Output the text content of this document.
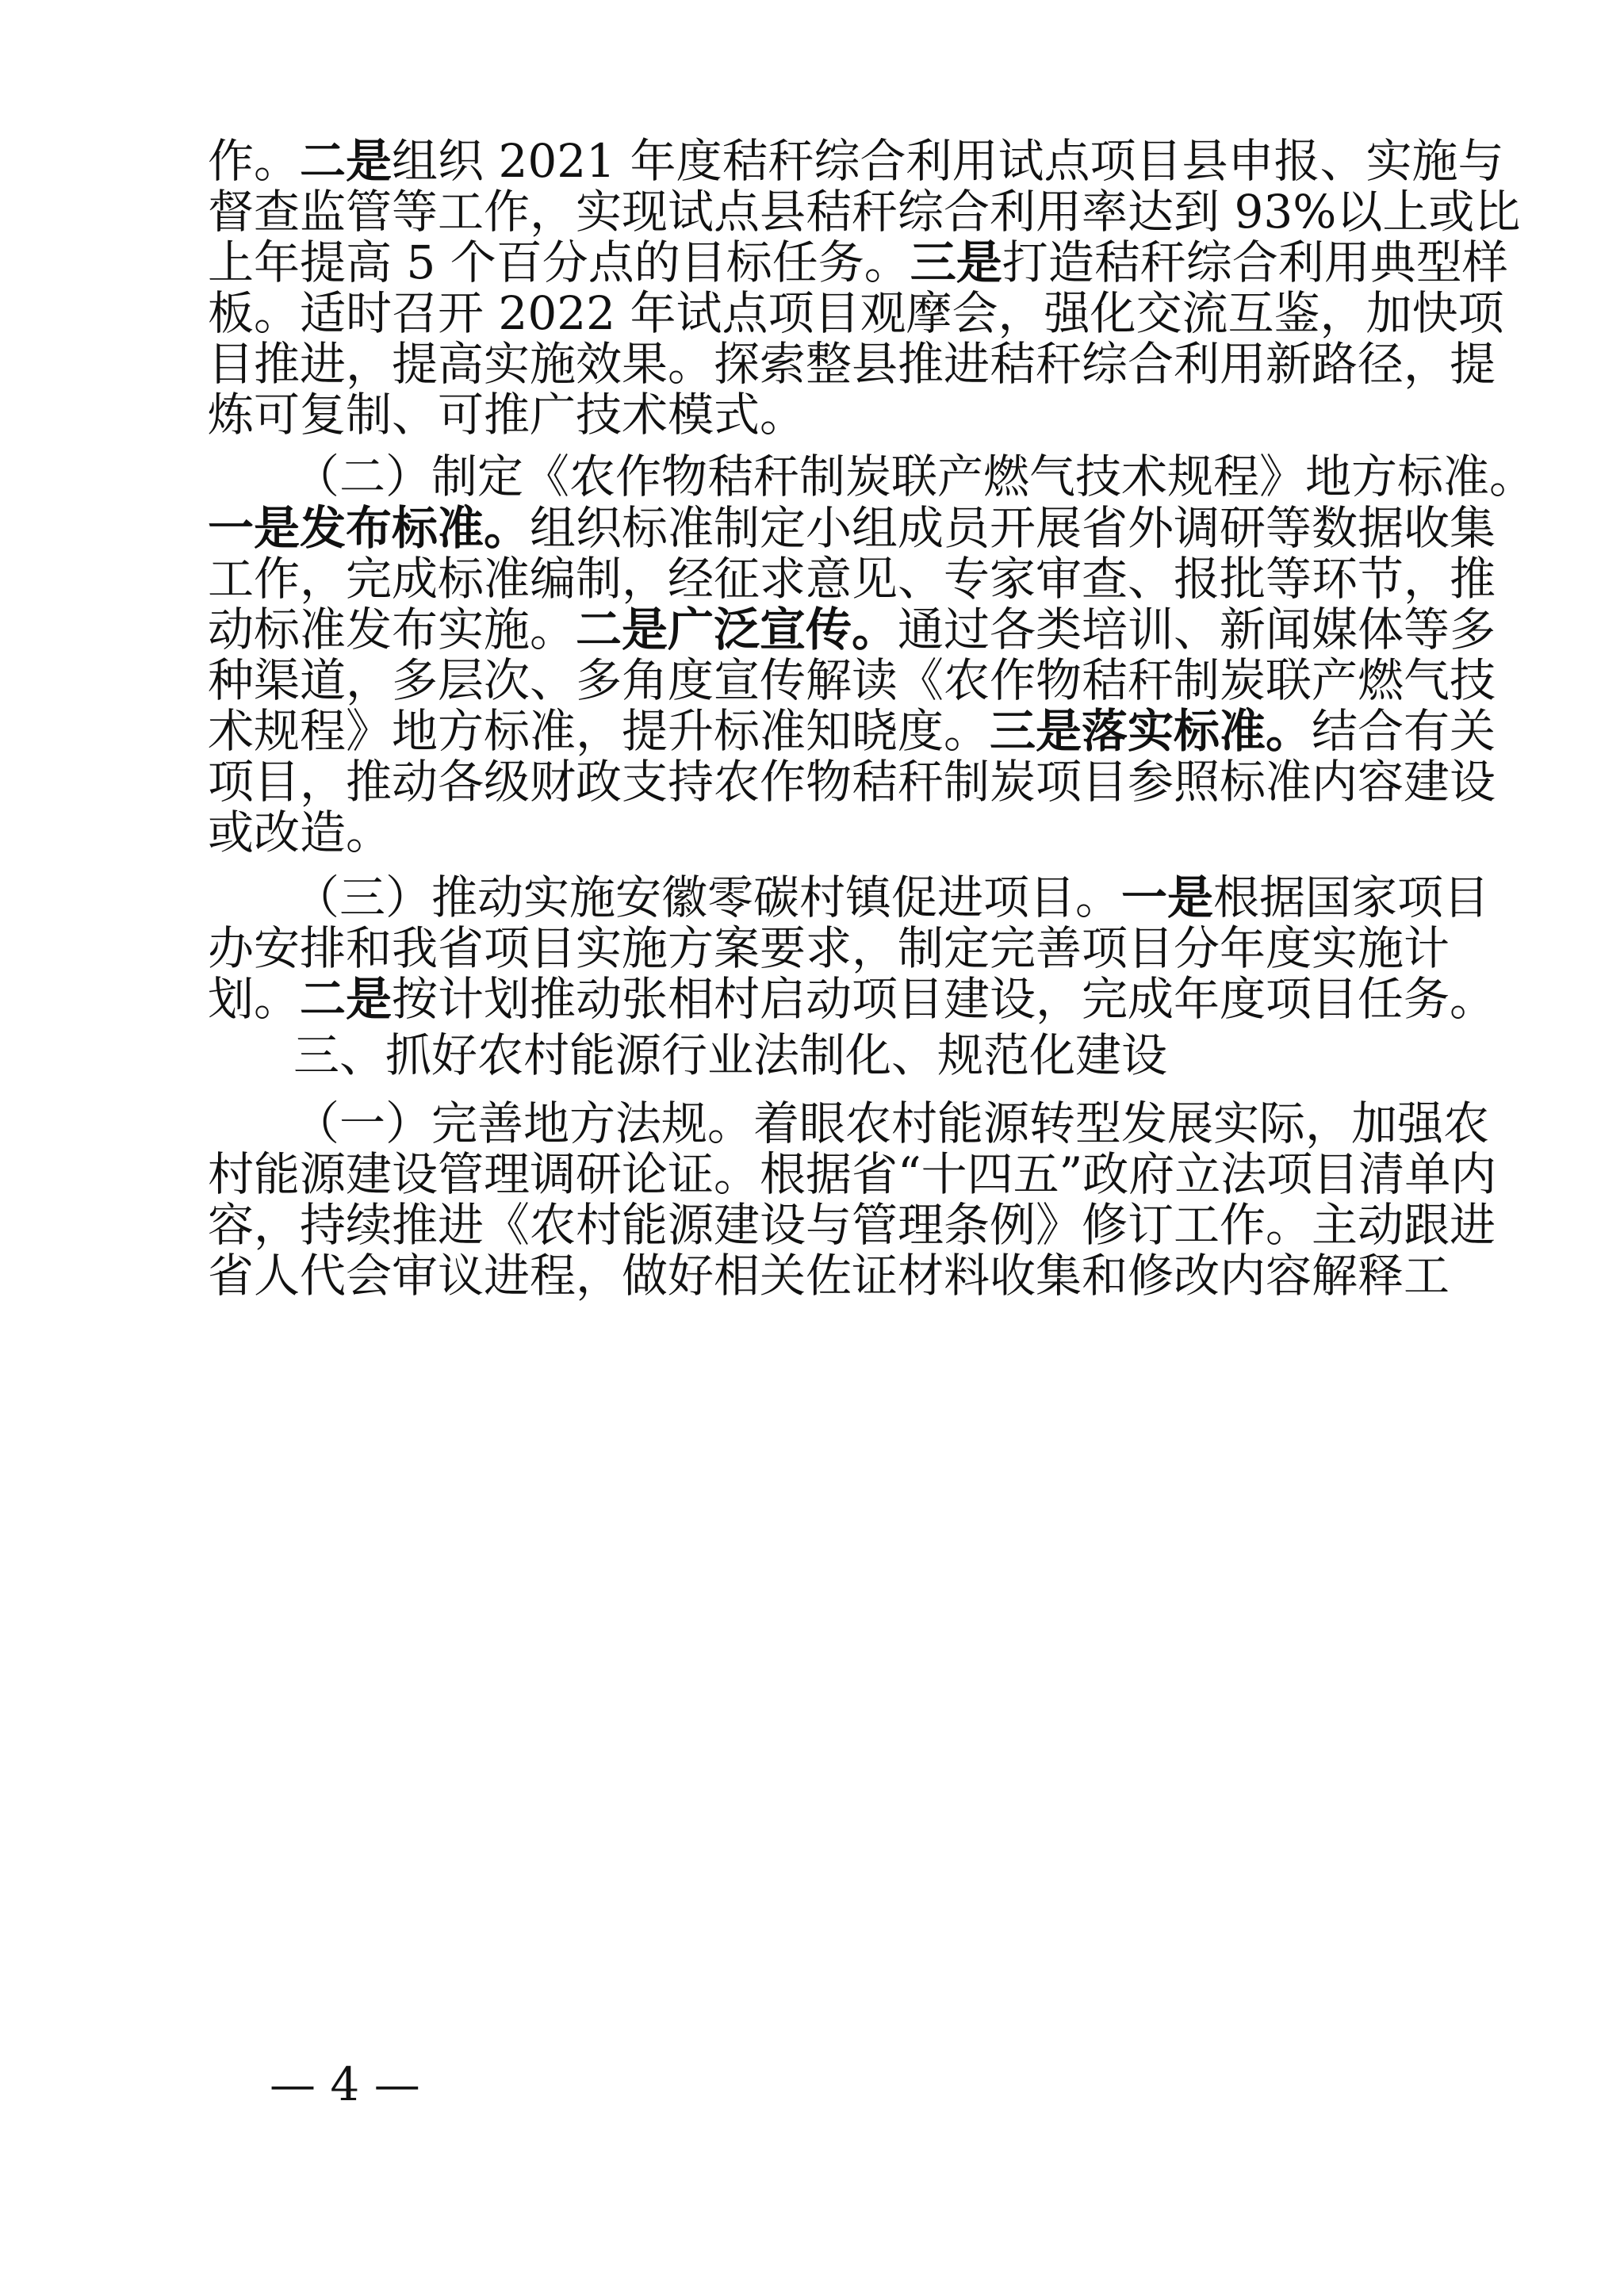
作。二是组织 2021 年度秸秆综合利用试点项目县申报、实施与
督查监管等工作，实现试点县秸秆综合利用率达到 93%以上或比
上年提高 5 个百分点的目标任务。三是打造秸秆综合利用典型样
板。适时召开 2022 年试点项目观摩会，强化交流互鉴，加快项
目推进，提高实施效果。探索整县推进秸秆综合利用新路径，提
炼可复制、可推广技术模式。
（二）制定《农作物秸秆制炭联产燃气技术规程》地方标准。
一是发布标准。组织标准制定小组成员开展省外调研等数据收集
工作，完成标准编制，经征求意见、专家审查、报批等环节，推
动标准发布实施。二是广泛宣传。通过各类培训、新闻媒体等多
种渠道，多层次、多角度宣传解读《农作物秸秆制炭联产燃气技
术规程》地方标准，提升标准知晓度。三是落实标准。结合有关
项目，推动各级财政支持农作物秸秆制炭项目参照标准内容建设
或改造。
（三）推动实施安徽零碳村镇促进项目。一是根据国家项目
办安排和我省项目实施方案要求，制定完善项目分年度实施计
划。二是按计划推动张相村启动项目建设，完成年度项目任务。
三、抓好农村能源行业法制化、规范化建设
（一）完善地方法规。着眼农村能源转型发展实际，加强农
村能源建设管理调研论证。根据省“十四五”政府立法项目清单内
容，持续推进《农村能源建设与管理条例》修订工作。主动跟进
省人代会审议进程，做好相关佐证材料收集和修改内容解释工
— 4 —
